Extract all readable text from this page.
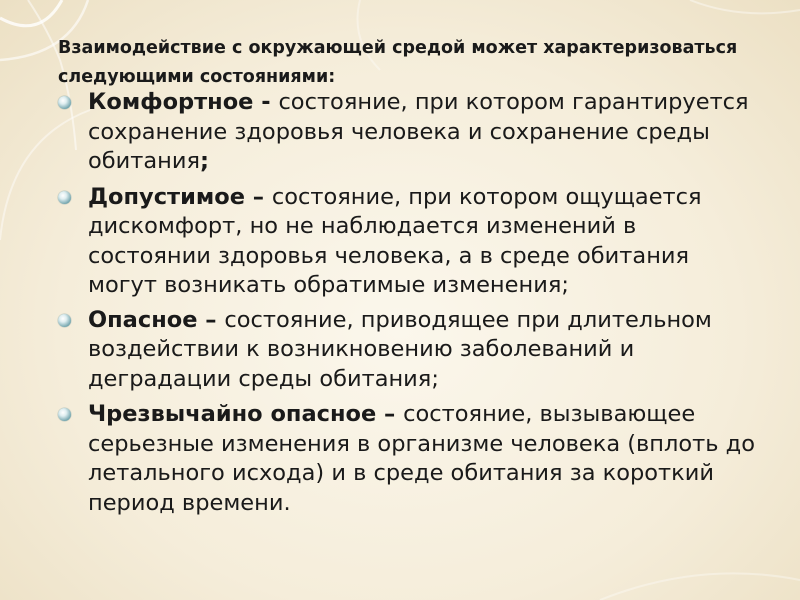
Взаимодействие с окружающей средой может характеризоваться следующими состояниями:
Комфортное - состояние, при котором гарантируется сохранение здоровья человека и сохранение среды обитания;
Допустимое – состояние, при котором ощущается дискомфорт, но не наблюдается изменений в состоянии здоровья человека, а в среде обитания могут возникать обратимые изменения;
Опасное – состояние, приводящее при длительном воздействии к возникновению заболеваний и деградации среды обитания;
Чрезвычайно опасное – состояние, вызывающее серьезные изменения в организме человека (вплоть до летального исхода) и в среде обитания за короткий период времени.
